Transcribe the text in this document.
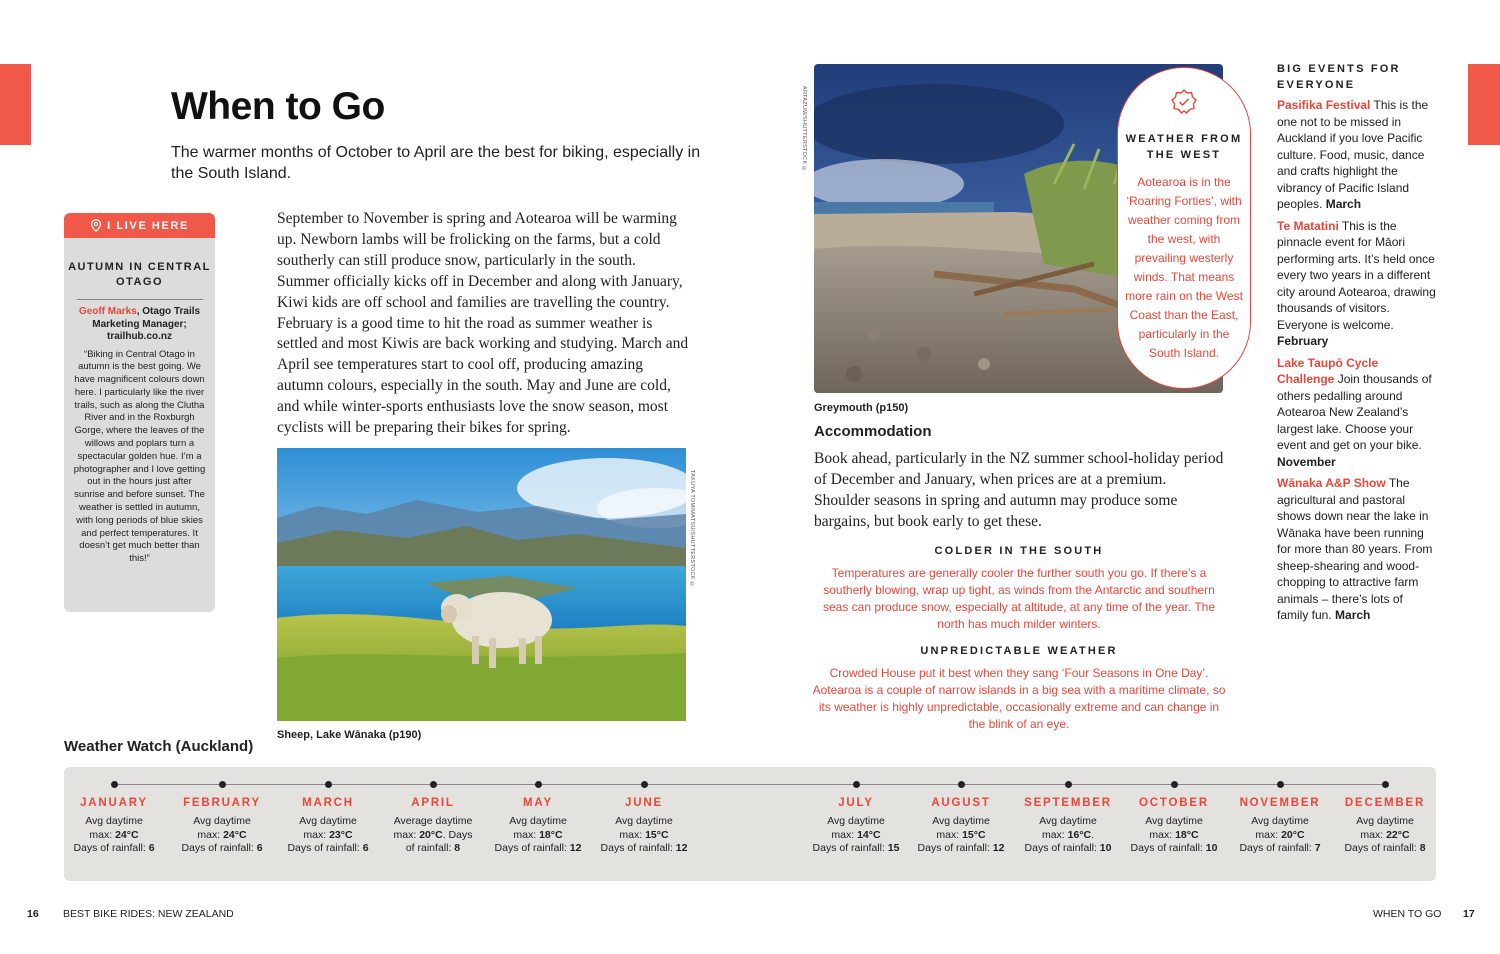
When to Go

The warmer months of October to April are the best for biking, especially in the South Island.

I LIVE HERE
AUTUMN IN CENTRAL OTAGO
Geoff Marks, Otago Trails Marketing Manager; trailhub.co.nz
“Biking in Central Otago in autumn is the best going. We have magnificent colours down here. I particularly like the river trails, such as along the Clutha River and in the Roxburgh Gorge, where the leaves of the willows and poplars turn a spectacular golden hue. I’m a photographer and I love getting out in the hours just after sunrise and before sunset. The weather is settled in autumn, with long periods of blue skies and perfect temperatures. It doesn’t get much better than this!”

September to November is spring and Aotearoa will be warming up. Newborn lambs will be frolicking on the farms, but a cold southerly can still produce snow, particularly in the south. Summer officially kicks off in December and along with January, Kiwi kids are off school and families are travelling the country. February is a good time to hit the road as summer weather is settled and most Kiwis are back working and studying. March and April see temperatures start to cool off, producing amazing autumn colours, especially in the south. May and June are cold, and while winter-sports enthusiasts love the snow season, most cyclists will be preparing their bikes for spring.

TAKUYA TOMIMATSU/SHUTTERSTOCK ©
Sheep, Lake Wānaka (p190)
ARTAZUM/SHUTTERSTOCK ©
Greymouth (p150)
WEATHER FROM THE WEST
Aotearoa is in the ‘Roaring Forties’, with weather coming from the west, with prevailing westerly winds. That means more rain on the West Coast than the East, particularly in the South Island.
Accommodation

Book ahead, particularly in the NZ summer school-holiday period of December and January, when prices are at a premium. Shoulder seasons in spring and autumn may produce some bargains, but book early to get these.

COLDER IN THE SOUTH
Temperatures are generally cooler the further south you go. If there’s a southerly blowing, wrap up tight, as winds from the Antarctic and southern seas can produce snow, especially at altitude, at any time of the year. The north has much milder winters.
UNPREDICTABLE WEATHER
Crowded House put it best when they sang ‘Four Seasons in One Day’. Aotearoa is a couple of narrow islands in a big sea with a maritime climate, so its weather is highly unpredictable, occasionally extreme and can change in the blink of an eye.
BIG EVENTS FOR EVERYONE
Pasifika Festival This is the one not to be missed in Auckland if you love Pacific culture. Food, music, dance and crafts highlight the vibrancy of Pacific Island peoples. March
Te Matatini This is the pinnacle event for Māori performing arts. It’s held once every two years in a different city around Aotearoa, drawing thousands of visitors. Everyone is welcome. February
Lake Taupō Cycle Challenge Join thousands of others pedalling around Aotearoa New Zealand’s largest lake. Choose your event and get on your bike. November
Wānaka A&P Show The agricultural and pastoral shows down near the lake in Wānaka have been running for more than 80 years. From sheep-shearing and wood-chopping to attractive farm animals – there’s lots of family fun. March
Weather Watch (Auckland)
JANUARY
Avg daytime
max: 24°C
Days of rainfall: 6
FEBRUARY
Avg daytime
max: 24°C
Days of rainfall: 6
MARCH
Avg daytime
max: 23°C
Days of rainfall: 6
APRIL
Average daytime
max: 20°C. Days
of rainfall: 8
MAY
Avg daytime
max: 18°C
Days of rainfall: 12
JUNE
Avg daytime
max: 15°C
Days of rainfall: 12
JULY
Avg daytime
max: 14°C
Days of rainfall: 15
AUGUST
Avg daytime
max: 15°C
Days of rainfall: 12
SEPTEMBER
Avg daytime
max: 16°C.
Days of rainfall: 10
OCTOBER
Avg daytime
max: 18°C
Days of rainfall: 10
NOVEMBER
Avg daytime
max: 20°C
Days of rainfall: 7
DECEMBER
Avg daytime
max: 22°C
Days of rainfall: 8
16 BEST BIKE RIDES: NEW ZEALAND	WHEN TO GO 17
